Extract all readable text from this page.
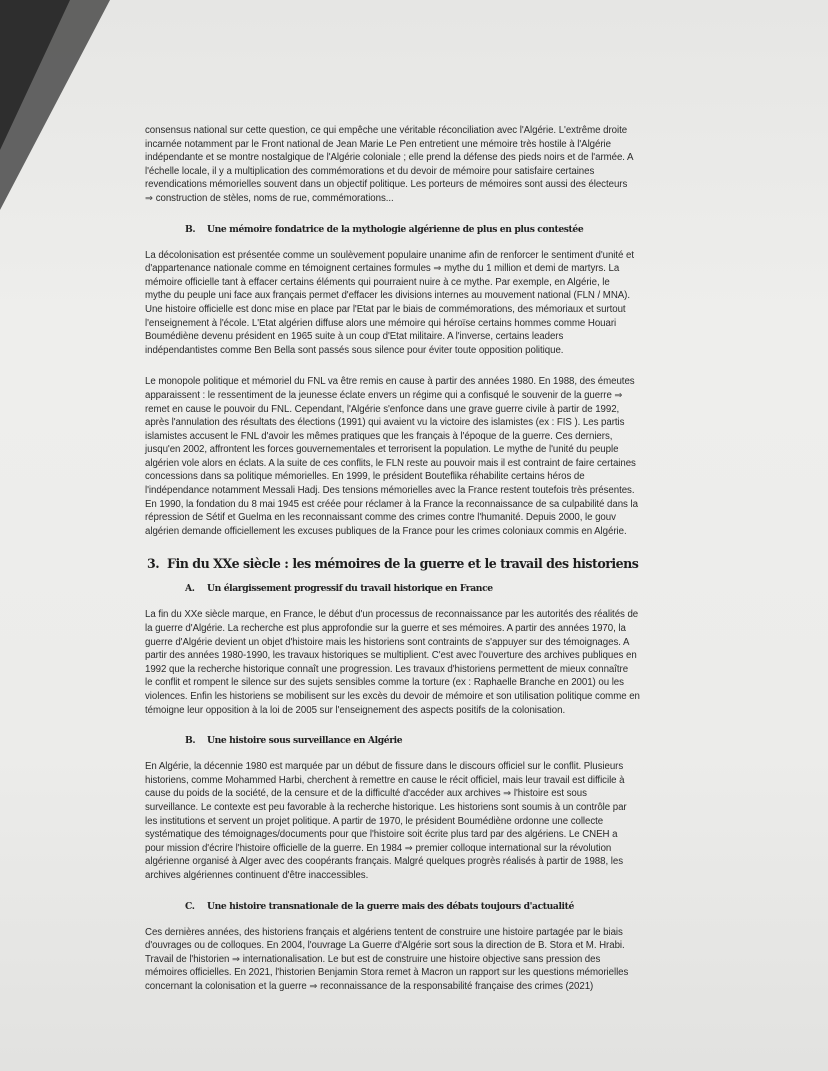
consensus national sur cette question, ce qui empêche une véritable réconciliation avec l'Algérie. L'extrême droite
incarnée notamment par le Front national de Jean Marie Le Pen entretient une mémoire très hostile à l'Algérie
indépendante et se montre nostalgique de l'Algérie coloniale ; elle prend la défense des pieds noirs et de l'armée. A
l'échelle locale, il y a multiplication des commémorations et du devoir de mémoire pour satisfaire certaines
revendications mémorielles souvent dans un objectif politique. Les porteurs de mémoires sont aussi des électeurs
⇒ construction de stèles, noms de rue, commémorations...
B. Une mémoire fondatrice de la mythologie algérienne de plus en plus contestée
La décolonisation est présentée comme un soulèvement populaire unanime afin de renforcer le sentiment d'unité et
d'appartenance nationale comme en témoignent certaines formules ⇒ mythe du 1 million et demi de martyrs. La
mémoire officielle tant à effacer certains éléments qui pourraient nuire à ce mythe. Par exemple, en Algérie, le
mythe du peuple uni face aux français permet d'effacer les divisions internes au mouvement national (FLN / MNA).
Une histoire officielle est donc mise en place par l'Etat par le biais de commémorations, des mémoriaux et surtout
l'enseignement à l'école. L'Etat algérien diffuse alors une mémoire qui héroïse certains hommes comme Houari
Boumédiène devenu président en 1965 suite à un coup d'Etat militaire. A l'inverse, certains leaders
indépendantistes comme Ben Bella sont passés sous silence pour éviter toute opposition politique.
Le monopole politique et mémoriel du FNL va être remis en cause à partir des années 1980. En 1988, des émeutes
apparaissent : le ressentiment de la jeunesse éclate envers un régime qui a confisqué le souvenir de la guerre ⇒
remet en cause le pouvoir du FNL. Cependant, l'Algérie s'enfonce dans une grave guerre civile à partir de 1992,
après l'annulation des résultats des élections (1991) qui avaient vu la victoire des islamistes (ex : FIS ). Les partis
islamistes accusent le FNL d'avoir les mêmes pratiques que les français à l'époque de la guerre. Ces derniers,
jusqu'en 2002, affrontent les forces gouvernementales et terrorisent la population. Le mythe de l'unité du peuple
algérien vole alors en éclats. A la suite de ces conflits, le FLN reste au pouvoir mais il est contraint de faire certaines
concessions dans sa politique mémorielles. En 1999, le président Bouteflika réhabilite certains héros de
l'indépendance notamment Messali Hadj. Des tensions mémorielles avec la France restent toutefois très présentes.
En 1990, la fondation du 8 mai 1945 est créée pour réclamer à la France la reconnaissance de sa culpabilité dans la
répression de Sétif et Guelma en les reconnaissant comme des crimes contre l'humanité. Depuis 2000, le gouv
algérien demande officiellement les excuses publiques de la France pour les crimes coloniaux commis en Algérie.
3. Fin du XXe siècle : les mémoires de la guerre et le travail des historiens
A. Un élargissement progressif du travail historique en France
La fin du XXe siècle marque, en France, le début d'un processus de reconnaissance par les autorités des réalités de
la guerre d'Algérie. La recherche est plus approfondie sur la guerre et ses mémoires. A partir des années 1970, la
guerre d'Algérie devient un objet d'histoire mais les historiens sont contraints de s'appuyer sur des témoignages. A
partir des années 1980-1990, les travaux historiques se multiplient. C'est avec l'ouverture des archives publiques en
1992 que la recherche historique connaît une progression. Les travaux d'historiens permettent de mieux connaître
le conflit et rompent le silence sur des sujets sensibles comme la torture (ex : Raphaelle Branche en 2001) ou les
violences. Enfin les historiens se mobilisent sur les excès du devoir de mémoire et son utilisation politique comme en
témoigne leur opposition à la loi de 2005 sur l'enseignement des aspects positifs de la colonisation.
B. Une histoire sous surveillance en Algérie
En Algérie, la décennie 1980 est marquée par un début de fissure dans le discours officiel sur le conflit. Plusieurs
historiens, comme Mohammed Harbi, cherchent à remettre en cause le récit officiel, mais leur travail est difficile à
cause du poids de la société, de la censure et de la difficulté d'accéder aux archives ⇒ l'histoire est sous
surveillance. Le contexte est peu favorable à la recherche historique. Les historiens sont soumis à un contrôle par
les institutions et servent un projet politique. A partir de 1970, le président Boumédiène ordonne une collecte
systématique des témoignages/documents pour que l'histoire soit écrite plus tard par des algériens. Le CNEH a
pour mission d'écrire l'histoire officielle de la guerre. En 1984 ⇒ premier colloque international sur la révolution
algérienne organisé à Alger avec des coopérants français. Malgré quelques progrès réalisés à partir de 1988, les
archives algériennes continuent d'être inaccessibles.
C. Une histoire transnationale de la guerre mais des débats toujours d'actualité
Ces dernières années, des historiens français et algériens tentent de construire une histoire partagée par le biais
d'ouvrages ou de colloques. En 2004, l'ouvrage La Guerre d'Algérie sort sous la direction de B. Stora et M. Hrabi.
Travail de l'historien ⇒ internationalisation. Le but est de construire une histoire objective sans pression des
mémoires officielles. En 2021, l'historien Benjamin Stora remet à Macron un rapport sur les questions mémorielles
concernant la colonisation et la guerre ⇒ reconnaissance de la responsabilité française des crimes (2021)
